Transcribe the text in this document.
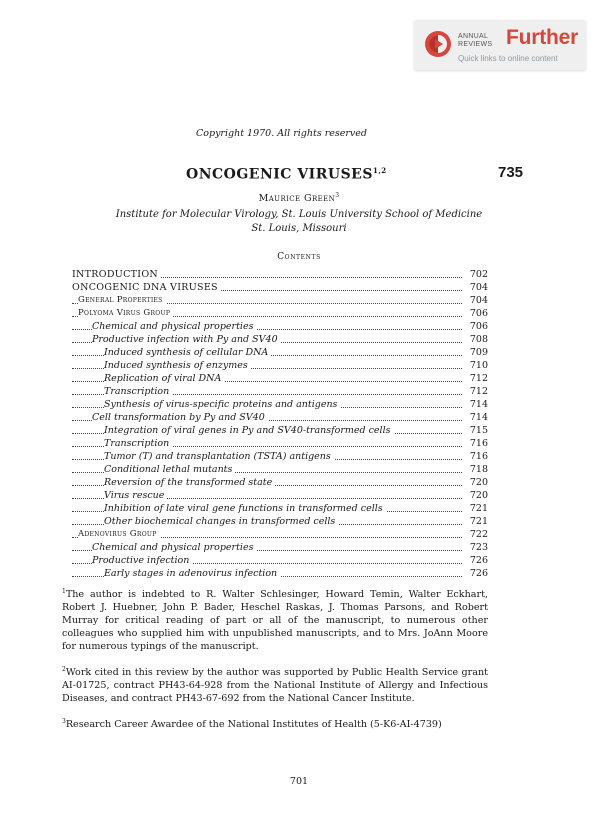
ANNUAL
REVIEWS Further
Quick links to online content
Copyright 1970. All rights reserved
ONCOGENIC VIRUSES$^{1,2}$	735
Maurice Green$^3$
Institute for Molecular Virology, St. Louis University School of Medicine
St. Louis, Missouri
Contents
INTRODUCTION	702
ONCOGENIC DNA VIRUSES	704
General Properties	704
Polyoma Virus Group	706
Chemical and physical properties	706
Productive infection with Py and SV40	708
Induced synthesis of cellular DNA	709
Induced synthesis of enzymes	710
Replication of viral DNA	712
Transcription	712
Synthesis of virus-specific proteins and antigens	714
Cell transformation by Py and SV40	714
Integration of viral genes in Py and SV40-transformed cells	715
Transcription	716
Tumor (T) and transplantation (TSTA) antigens	716
Conditional lethal mutants	718
Reversion of the transformed state	720
Virus rescue	720
Inhibition of late viral gene functions in transformed cells	721
Other biochemical changes in transformed cells	721
Adenovirus Group	722
Chemical and physical properties	723
Productive infection	726
Early stages in adenovirus infection	726
$^1$The author is indebted to R. Walter Schlesinger, Howard Temin, Walter Eckhart, Robert J. Huebner, John P. Bader, Heschel Raskas, J. Thomas Parsons, and Robert Murray for critical reading of part or all of the manuscript, to numerous other colleagues who supplied him with unpublished manuscripts, and to Mrs. JoAnn Moore for numerous typings of the manuscript.
$^2$Work cited in this review by the author was supported by Public Health Service grant AI-01725, contract PH43-64-928 from the National Institute of Allergy and Infectious Diseases, and contract PH43-67-692 from the National Cancer Institute.
$^3$Research Career Awardee of the National Institutes of Health (5-K6-AI-4739)
701
